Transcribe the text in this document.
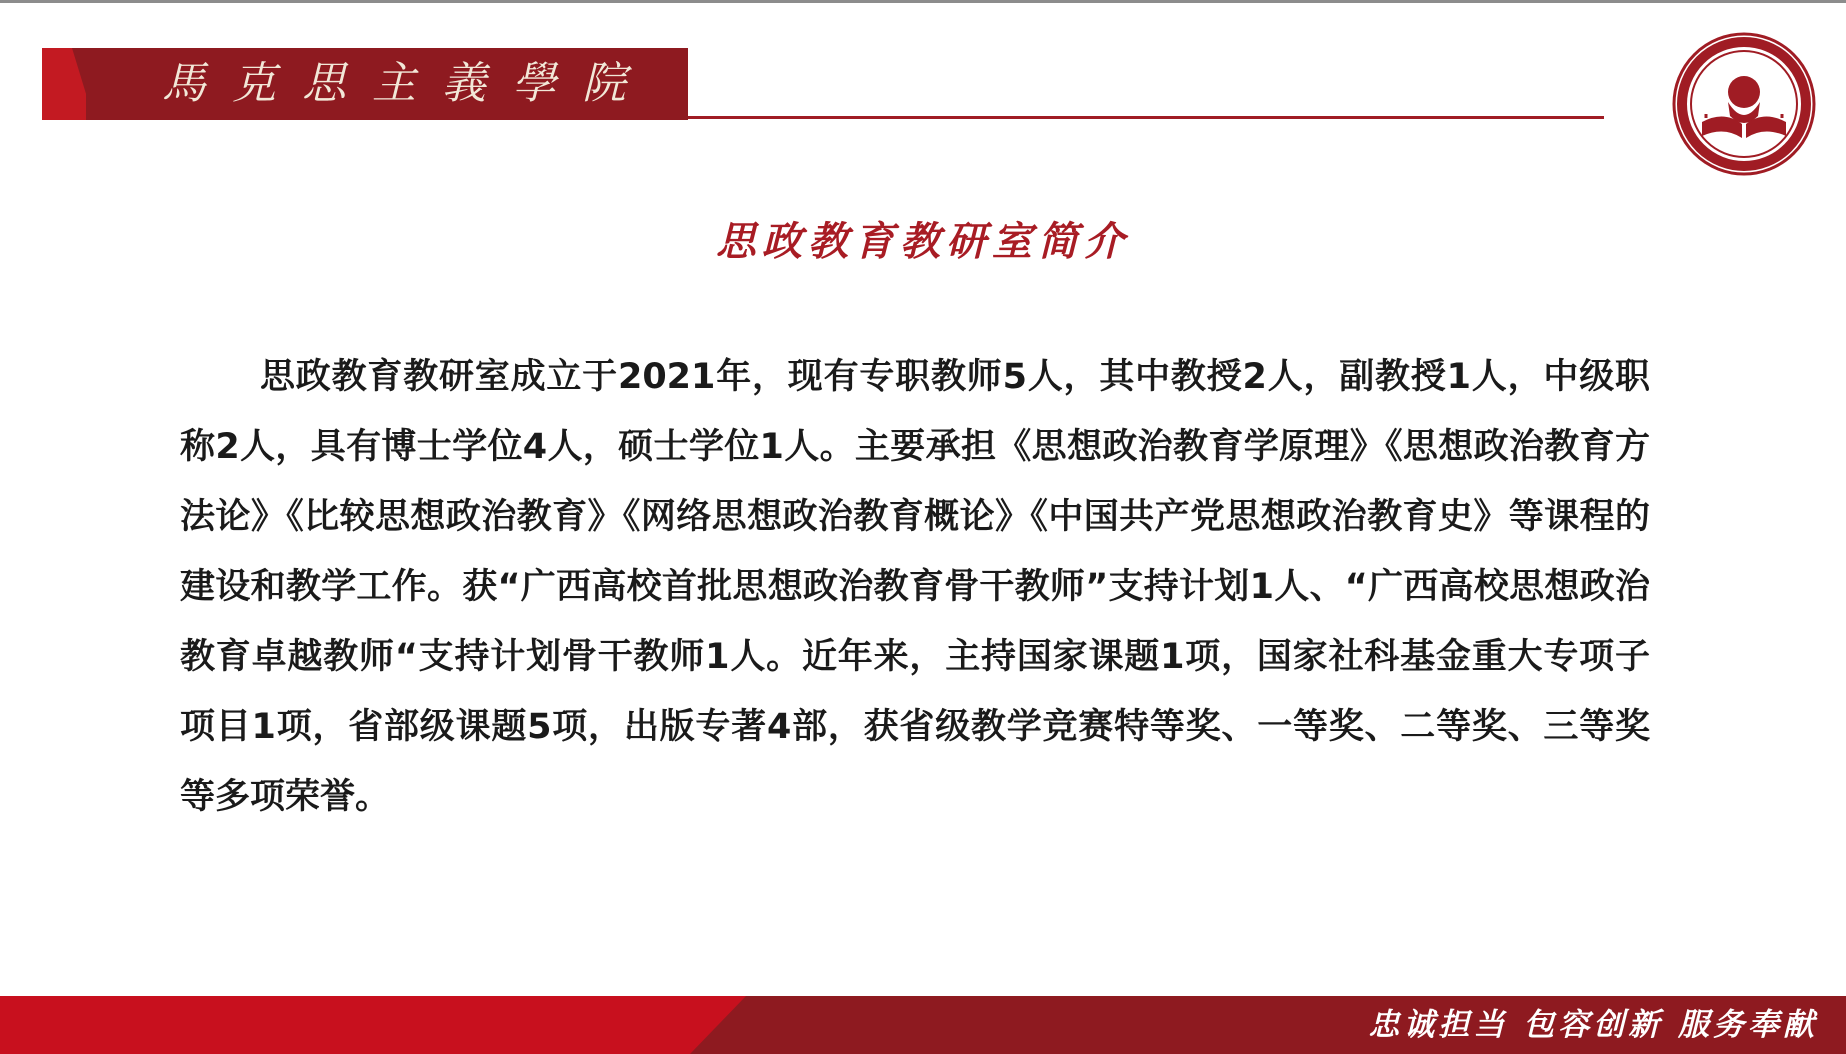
馬克思主義學院
思政教育教研室简介
思政教育教研室成立于2021年，现有专职教师5人，其中教授2人，副教授1人，中级职称2人，具有博士学位4人，硕士学位1人。主要承担《思想政治教育学原理》《思想政治教育方法论》《比较思想政治教育》《网络思想政治教育概论》《中国共产党思想政治教育史》等课程的建设和教学工作。获“广西高校首批思想政治教育骨干教师”支持计划1人、“广西高校思想政治教育卓越教师“支持计划骨干教师1人。近年来，主持国家课题1项，国家社科基金重大专项子项目1项，省部级课题5项，出版专著4部，获省级教学竞赛特等奖、一等奖、二等奖、三等奖等多项荣誉。
忠诚担当 包容创新 服务奉献
